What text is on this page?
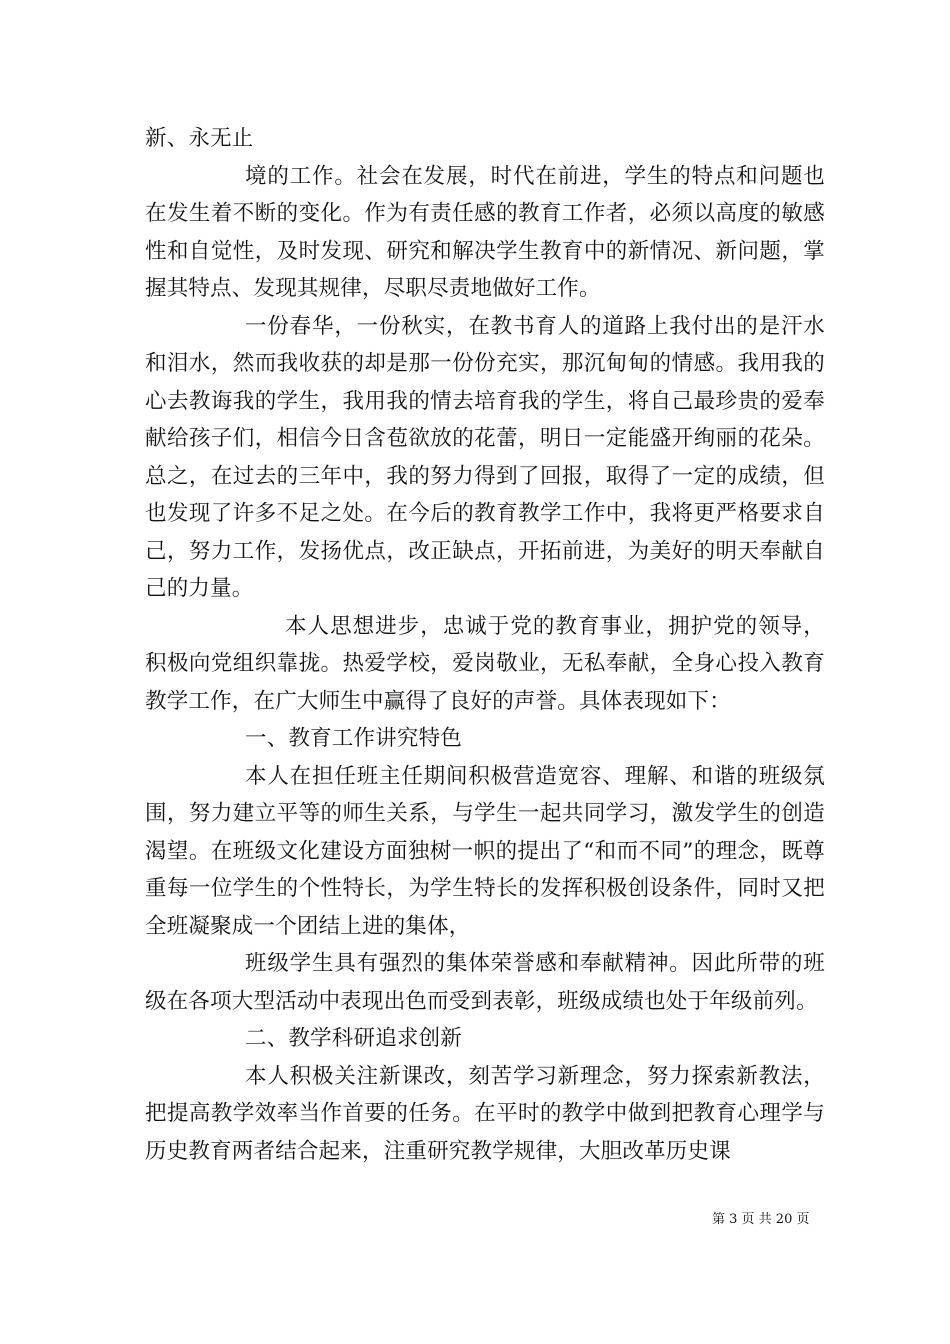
新、永无止

境的工作。社会在发展，时代在前进，学生的特点和问题也在发生着不断的变化。作为有责任感的教育工作者，必须以高度的敏感性和自觉性，及时发现、研究和解决学生教育中的新情况、新问题，掌握其特点、发现其规律，尽职尽责地做好工作。

一份春华，一份秋实，在教书育人的道路上我付出的是汗水和泪水，然而我收获的却是那一份份充实，那沉甸甸的情感。我用我的心去教诲我的学生，我用我的情去培育我的学生，将自己最珍贵的爱奉献给孩子们，相信今日含苞欲放的花蕾，明日一定能盛开绚丽的花朵。总之，在过去的三年中，我的努力得到了回报，取得了一定的成绩，但也发现了许多不足之处。在今后的教育教学工作中，我将更严格要求自己，努力工作，发扬优点，改正缺点，开拓前进，为美好的明天奉献自己的力量。

本人思想进步，忠诚于党的教育事业，拥护党的领导，积极向党组织靠拢。热爱学校，爱岗敬业，无私奉献，全身心投入教育教学工作，在广大师生中赢得了良好的声誉。具体表现如下：

一、教育工作讲究特色

本人在担任班主任期间积极营造宽容、理解、和谐的班级氛围，努力建立平等的师生关系，与学生一起共同学习，激发学生的创造渴望。在班级文化建设方面独树一帜的提出了“和而不同”的理念，既尊重每一位学生的个性特长，为学生特长的发挥积极创设条件，同时又把全班凝聚成一个团结上进的集体，

班级学生具有强烈的集体荣誉感和奉献精神。因此所带的班级在各项大型活动中表现出色而受到表彰，班级成绩也处于年级前列。

二、教学科研追求创新

本人积极关注新课改，刻苦学习新理念，努力探索新教法，把提高教学效率当作首要的任务。在平时的教学中做到把教育心理学与历史教育两者结合起来，注重研究教学规律，大胆改革历史课

第 3 页 共 20 页
